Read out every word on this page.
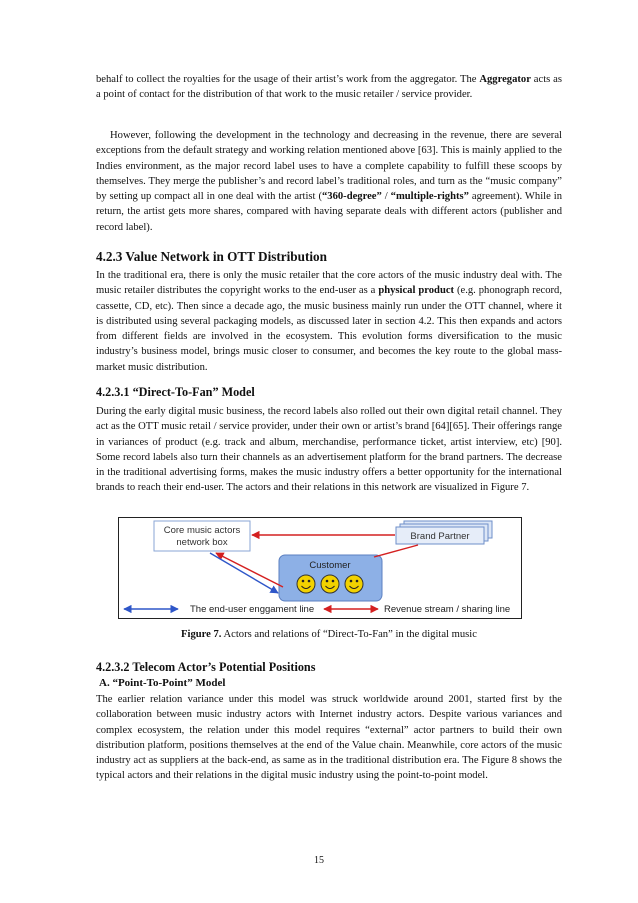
behalf to collect the royalties for the usage of their artist’s work from the aggregator. The Aggregator acts as a point of contact for the distribution of that work to the music retailer / service provider.

However, following the development in the technology and decreasing in the revenue, there are several exceptions from the default strategy and working relation mentioned above [63]. This is mainly applied to the Indies environment, as the major record label uses to have a complete capability to fulfill these scoops by themselves. They merge the publisher’s and record label’s traditional roles, and turn as the “music company” by setting up compact all in one deal with the artist (“360-degree” / “multiple-rights” agreement). While in return, the artist gets more shares, compared with having separate deals with different actors (publisher and record label).

4.2.3 Value Network in OTT Distribution

In the traditional era, there is only the music retailer that the core actors of the music industry deal with. The music retailer distributes the copyright works to the end-user as a physical product (e.g. phonograph record, cassette, CD, etc). Then since a decade ago, the music business mainly run under the OTT channel, where it is distributed using several packaging models, as discussed later in section 4.2. This then expands and actors from different fields are involved in the ecosystem. This evolution forms diversification to the music industry’s business model, brings music closer to consumer, and becomes the key route to the global mass-market music distribution.

4.2.3.1 “Direct-To-Fan” Model

During the early digital music business, the record labels also rolled out their own digital retail channel. They act as the OTT music retail / service provider, under their own or artist’s brand [64][65]. Their offerings range in variances of product (e.g. track and album, merchandise, performance ticket, artist interview, etc) [90]. Some record labels also turn their channels as an advertisement platform for the brand partners. The decrease in the traditional advertising forms, makes the music industry offers a better opportunity for the international brands to reach their end-user. The actors and their relations in this network are visualized in Figure 7.

Core music actors
network box
Brand Partner
Customer
The end-user enggament line	Revenue stream / sharing line

Figure 7. Actors and relations of “Direct-To-Fan” in the digital music

4.2.3.2 Telecom Actor’s Potential Positions
A. “Point-To-Point” Model

The earlier relation variance under this model was struck worldwide around 2001, started first by the collaboration between music industry actors with Internet industry actors. Despite various variances and complex ecosystem, the relation under this model requires “external” actor partners to build their own distribution platform, positions themselves at the end of the Value chain. Meanwhile, core actors of the music industry act as suppliers at the back-end, as same as in the traditional distribution era. The Figure 8 shows the typical actors and their relations in the digital music industry using the point-to-point model.

15
